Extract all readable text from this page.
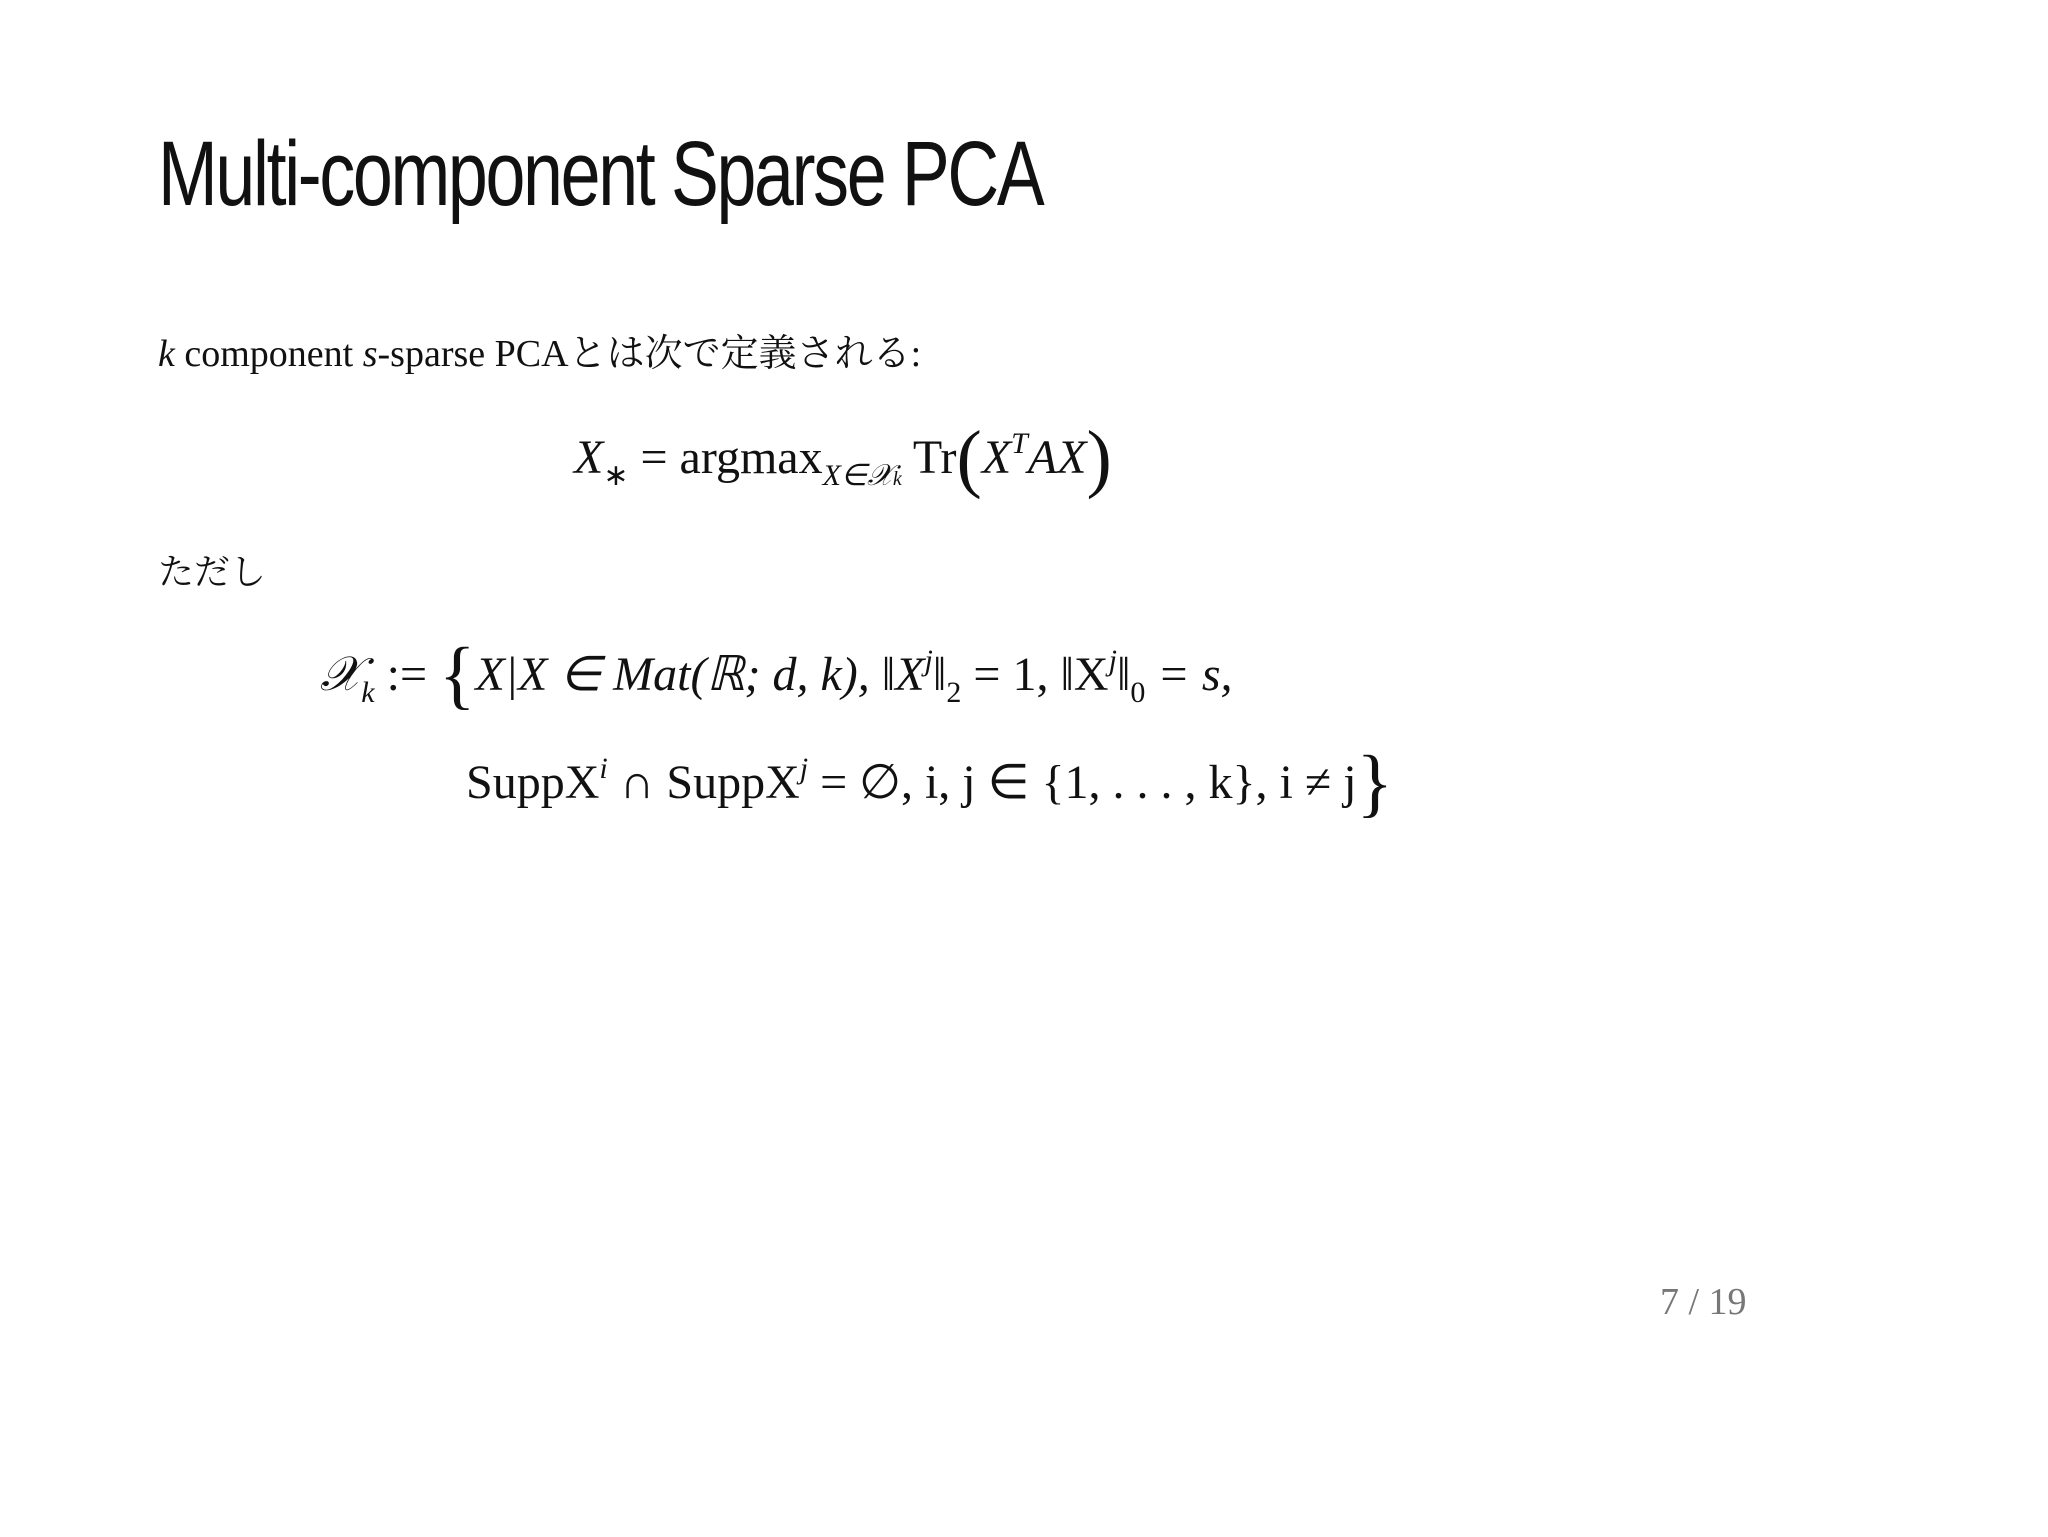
Multi-component Sparse PCA
k component s-sparse PCAとは次で定義される:
$X_∗ = argmax_{X\in 𝒳k}$ $Tr(X^TAX)$
ただし
𝒳$_k$ := {X|X ∈ Mat(ℝ; d, k), $‖X^j‖_2 = 1$, $‖X^j‖_0 = s$,
SuppX$^i$ ∩ SuppX$^j$ = ∅, i, j ∈ {1, . . . , k}, i ≠ j}
7 / 19
